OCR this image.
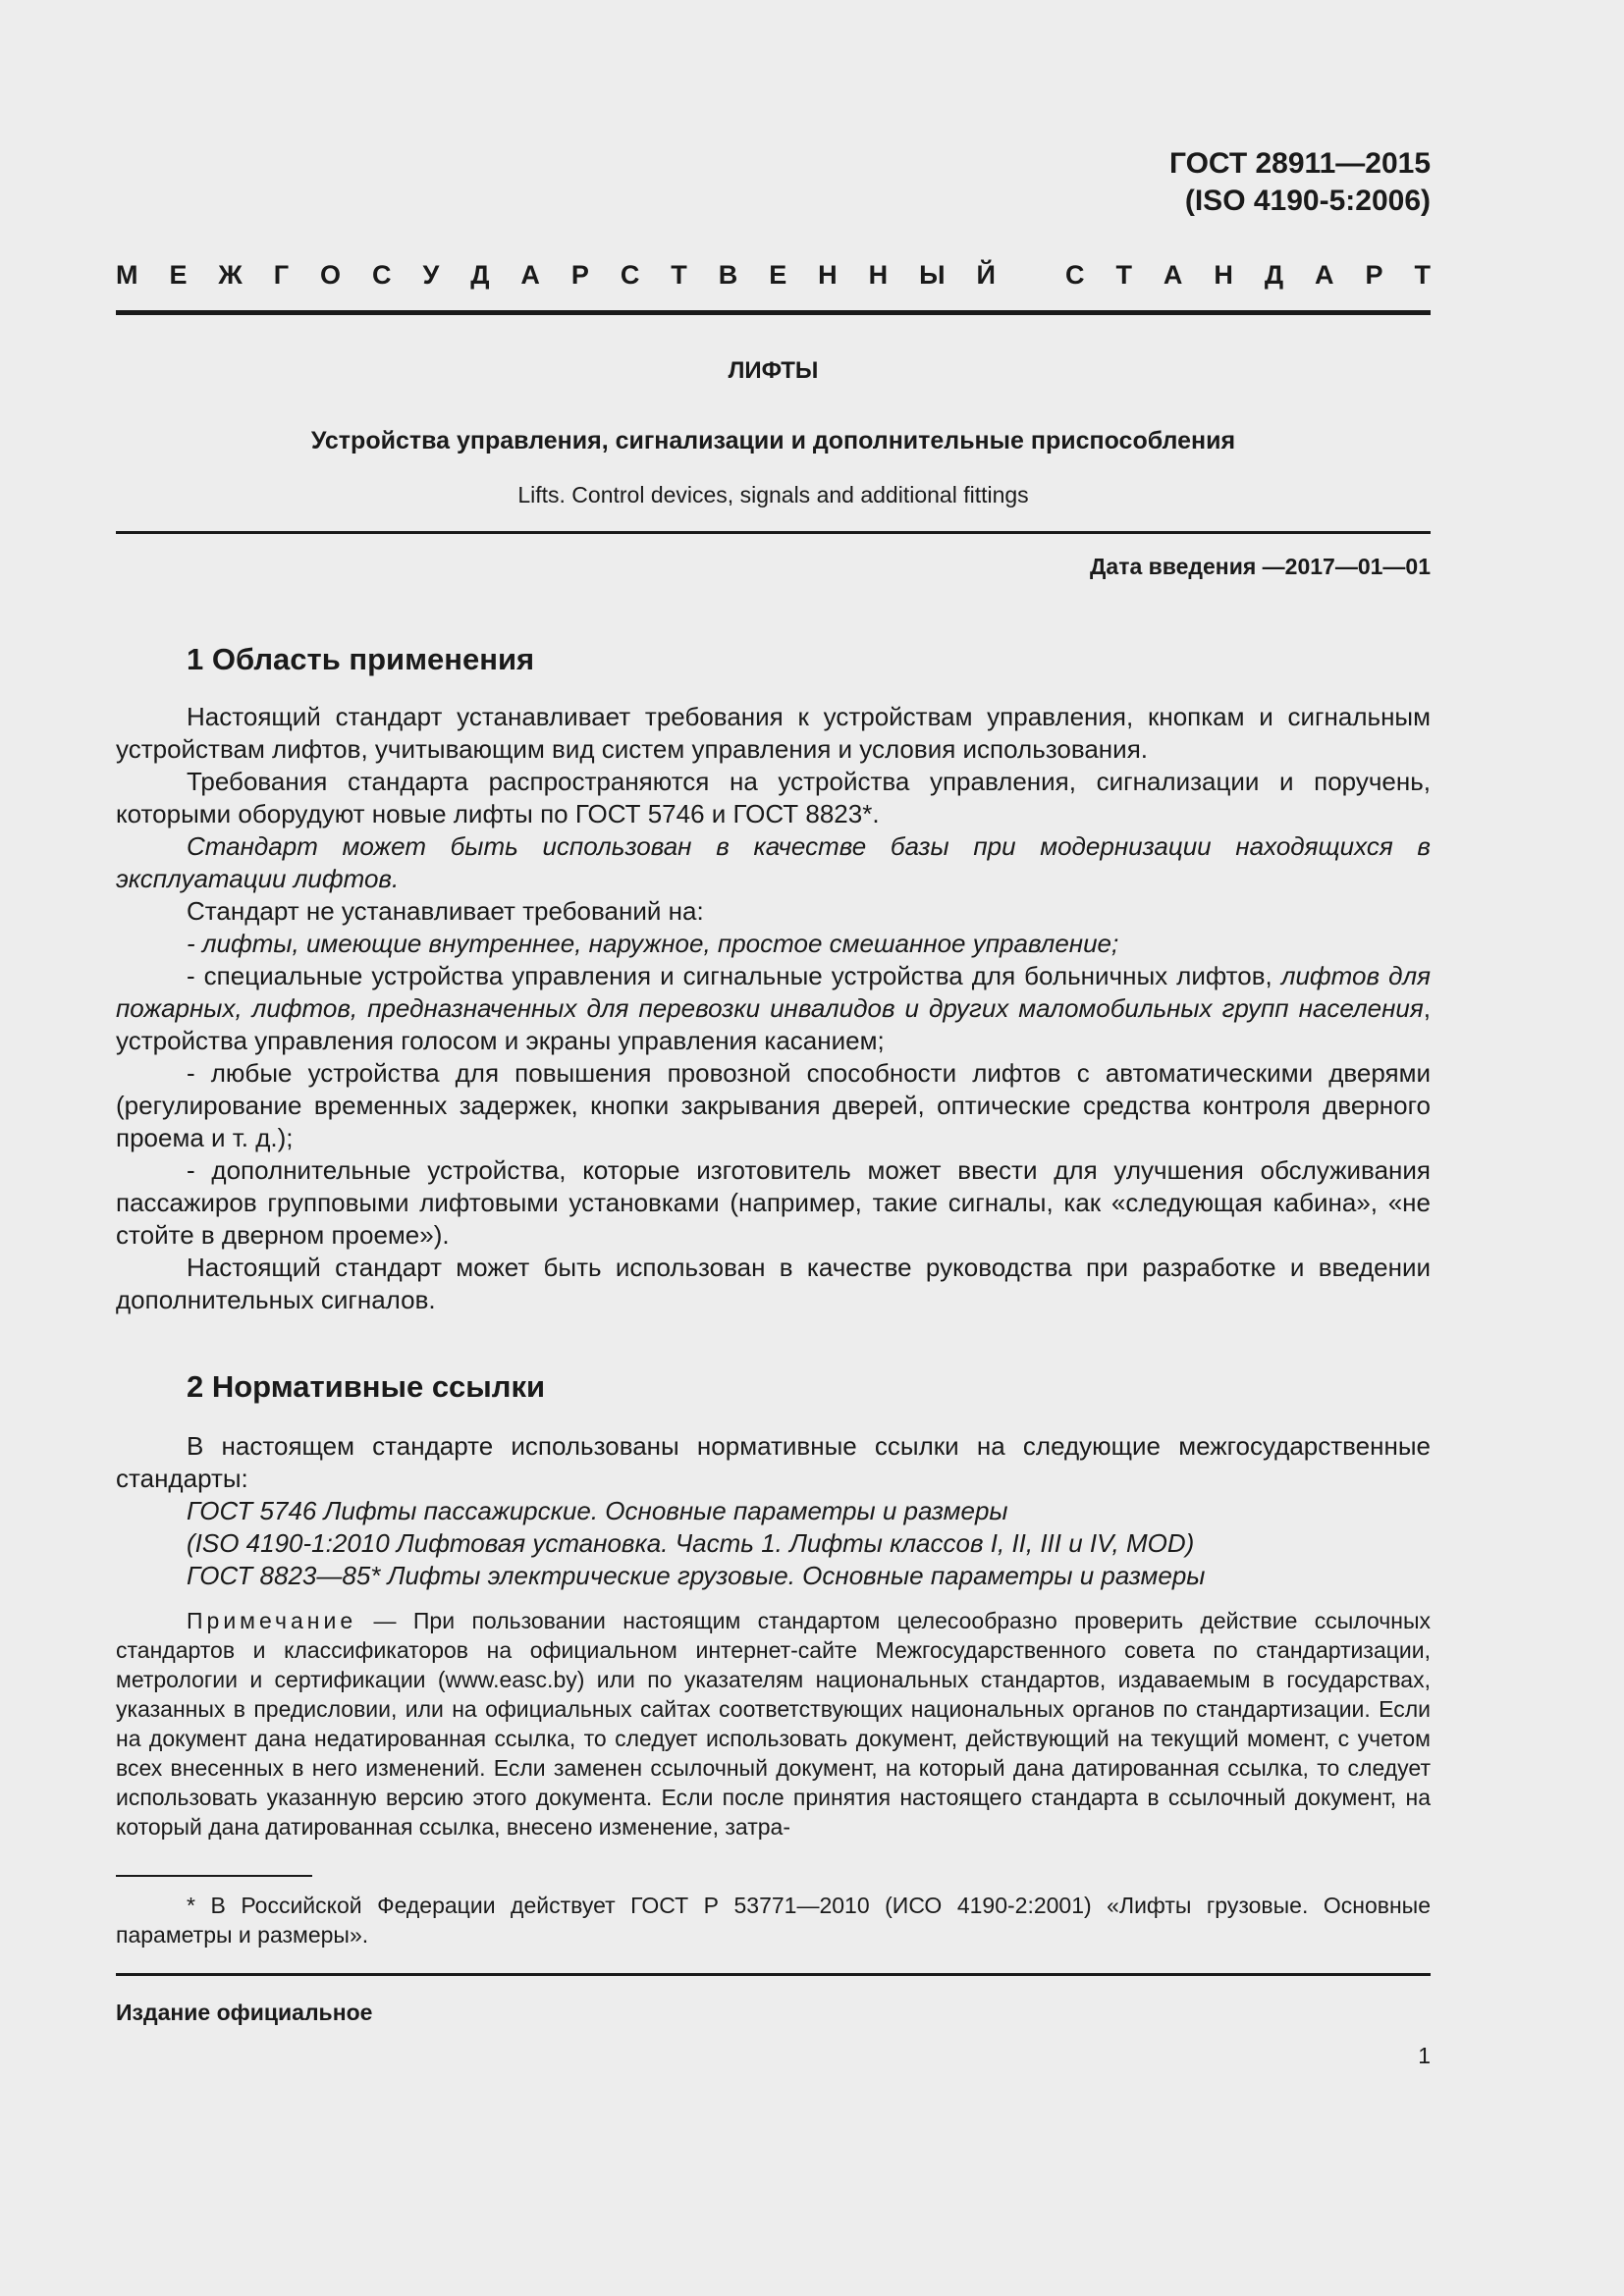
ГОСТ 28911—2015
(ISO 4190-5:2006)
М Е Ж Г О С У Д А Р С Т В Е Н Н Ы Й	С Т А Н Д А Р Т
ЛИФТЫ
Устройства управления, сигнализации и дополнительные приспособления
Lifts. Control devices, signals and additional fittings
Дата введения —2017—01—01
1 Область применения

Настоящий стандарт устанавливает требования к устройствам управления, кнопкам и сигнальным устройствам лифтов, учитывающим вид систем управления и условия использования.

Требования стандарта распространяются на устройства управления, сигнализации и поручень, которыми оборудуют новые лифты по ГОСТ 5746 и ГОСТ 8823*.

Стандарт может быть использован в качестве базы при модернизации находящихся в эксплуатации лифтов.

Стандарт не устанавливает требований на:

- лифты, имеющие внутреннее, наружное, простое смешанное управление;

- специальные устройства управления и сигнальные устройства для больничных лифтов, лифтов для пожарных, лифтов, предназначенных для перевозки инвалидов и других маломобильных групп населения, устройства управления голосом и экраны управления касанием;

- любые устройства для повышения провозной способности лифтов с автоматическими дверями (регулирование временных задержек, кнопки закрывания дверей, оптические средства контроля дверного проема и т. д.);

- дополнительные устройства, которые изготовитель может ввести для улучшения обслуживания пассажиров групповыми лифтовыми установками (например, такие сигналы, как «следующая кабина», «не стойте в дверном проеме»).

Настоящий стандарт может быть использован в качестве руководства при разработке и введении дополнительных сигналов.

2 Нормативные ссылки

В настоящем стандарте использованы нормативные ссылки на следующие межгосударственные стандарты:

ГОСТ 5746 Лифты пассажирские. Основные параметры и размеры

(ISO 4190-1:2010 Лифтовая установка. Часть 1. Лифты классов I, II, III и IV, MOD)

ГОСТ 8823—85* Лифты электрические грузовые. Основные параметры и размеры

Примечание — При пользовании настоящим стандартом целесообразно проверить действие ссылочных стандартов и классификаторов на официальном интернет-сайте Межгосударственного совета по стандартизации, метрологии и сертификации (www.easc.by) или по указателям национальных стандартов, издаваемым в государствах, указанных в предисловии, или на официальных сайтах соответствующих национальных органов по стандартизации. Если на документ дана недатированная ссылка, то следует использовать документ, действующий на текущий момент, с учетом всех внесенных в него изменений. Если заменен ссылочный документ, на который дана датированная ссылка, то следует использовать указанную версию этого документа. Если после принятия настоящего стандарта в ссылочный документ, на который дана датированная ссылка, внесено изменение, затра-
* В Российской Федерации действует ГОСТ Р 53771—2010 (ИСО 4190-2:2001) «Лифты грузовые. Основные параметры и размеры».
Издание официальное
1
